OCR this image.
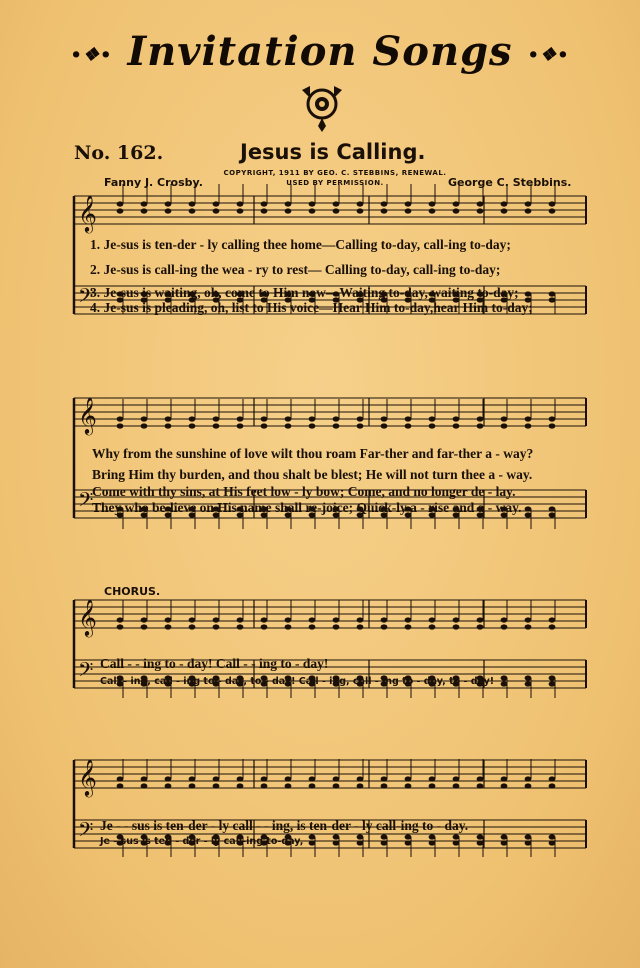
•❖• Invitation Songs •❖•
No. 162.	Jesus is Calling.
Fanny J. Crosby.
COPYRIGHT, 1911 BY GEO. C. STEBBINS, RENEWAL.
USED BY PERMISSION.	George C. Stebbins.
𝄞
𝄢
𝄞
𝄢
𝄞
𝄢
𝄞
𝄢
1. Je-sus is ten-der - ly calling thee home—Calling to-day, call-ing to-day;
2. Je-sus is call-ing the wea - ry to rest— Calling to-day, call-ing to-day;
3. Je-sus is waiting, oh, come to Him now—Waiting to-day, waiting to-day;
4. Je-sus is pleading, oh, list to His voice—Hear Him to-day,hear Him to-day;
Why from the sunshine of love wilt thou roam Far-ther and far-ther a - way?
Bring Him thy burden, and thou shalt be blest; He will not turn thee a - way.
Come with thy sins, at His feet low - ly bow; Come, and no longer de - lay.
They who be-lieve on His name shall re-joice; Quick-ly a - rise and a - way.
CHORUS.
Call - - ing to - day! Call - - ing to - day!
Call - ing, call - ing to - day, to - day! Call - ing, call - ing to - day, to - day!
Je - - sus is ten-der - ly call - - ing, is ten-der - ly call-ing to - day.
Je - sus is ten - der - ly call-ing to-day,
